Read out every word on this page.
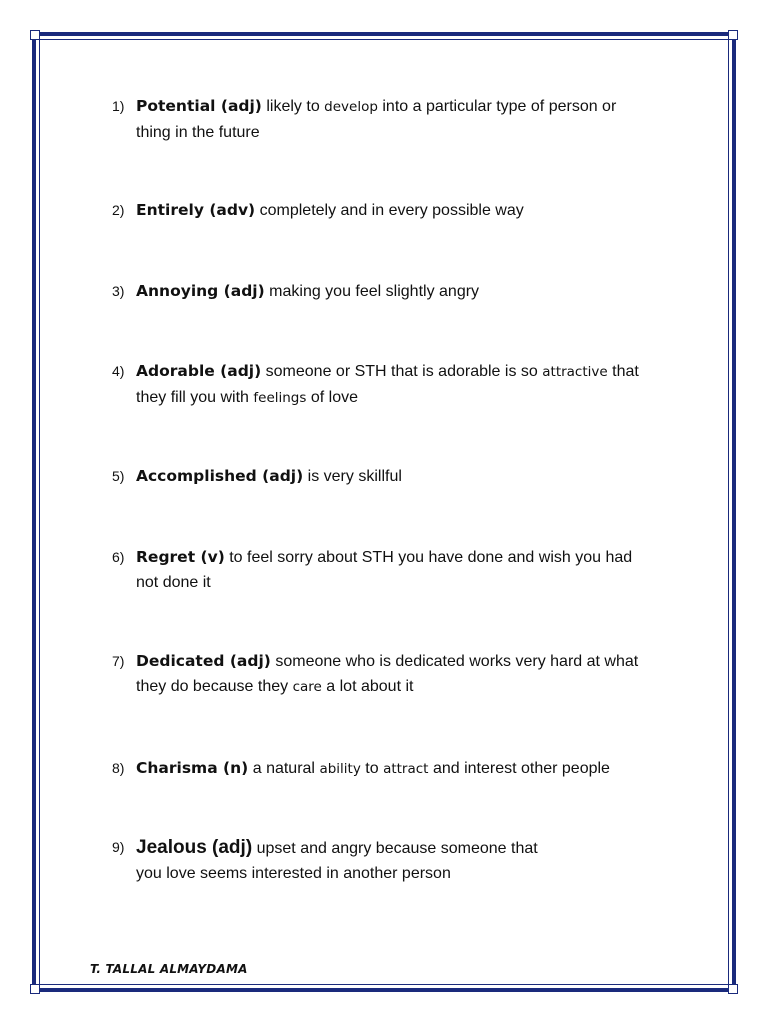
1) Potential (adj) likely to develop into a particular type of person or
thing in the future
2) Entirely (adv) completely and in every possible way
3) Annoying (adj) making you feel slightly angry
4) Adorable (adj) someone or STH that is adorable is so attractive that
they fill you with feelings of love
5) Accomplished (adj) is very skillful
6) Regret (v) to feel sorry about STH you have done and wish you had
not done it
7) Dedicated (adj) someone who is dedicated works very hard at what
they do because they care a lot about it
8) Charisma (n) a natural ability to attract and interest other people
9) Jealous (adj) upset and angry because someone that
you love seems interested in another person
T. TALLAL ALMAYDAMA
